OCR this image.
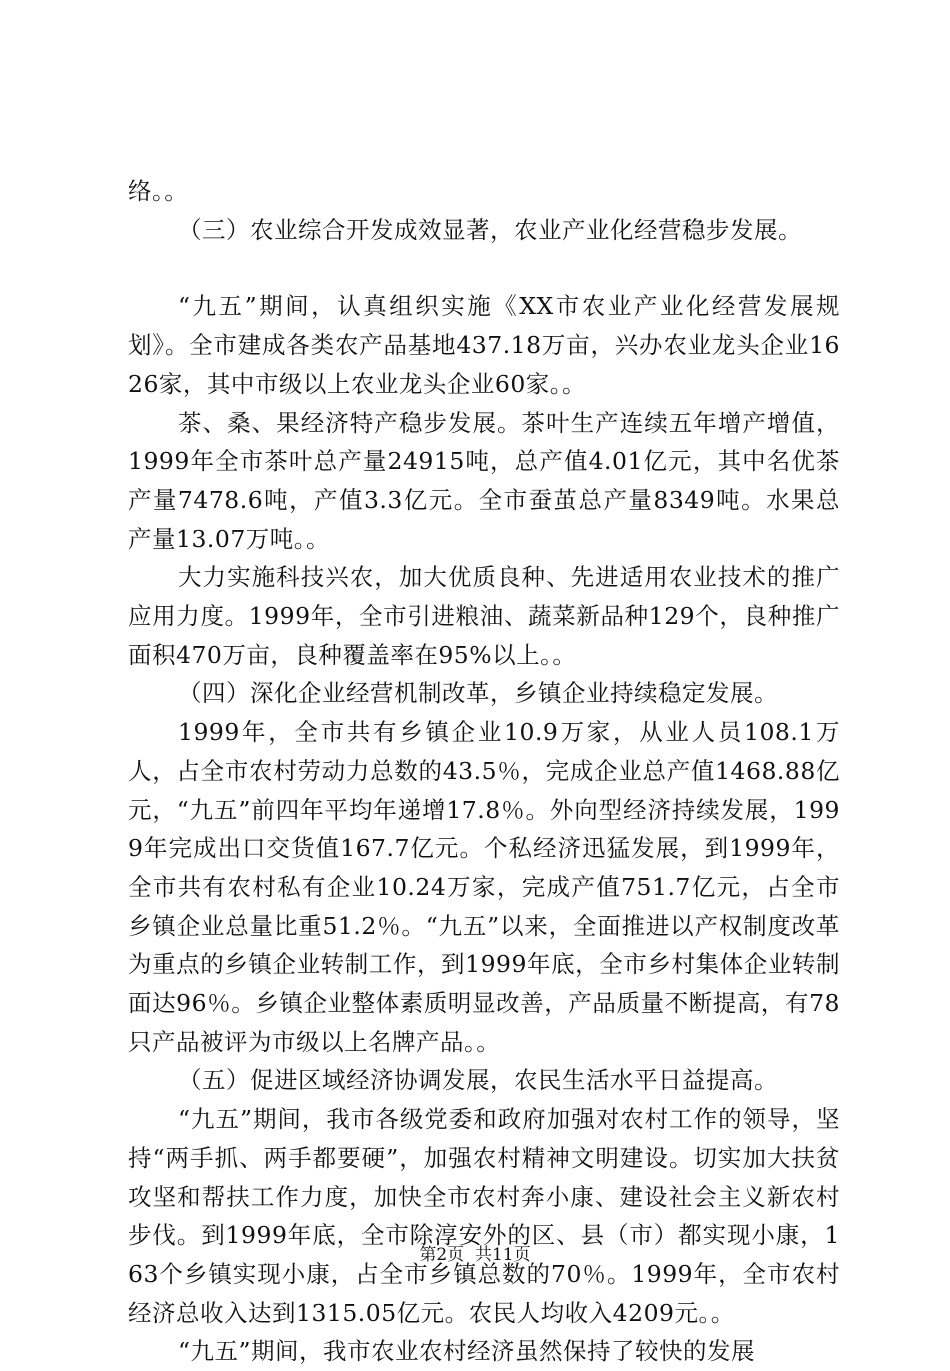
络。。

（三）农业综合开发成效显著，农业产业化经营稳步发展。

“九五”期间，认真组织实施《XX市农业产业化经营发展规划》。全市建成各类农产品基地437.18万亩，兴办农业龙头企业1626家，其中市级以上农业龙头企业60家。。

茶、桑、果经济特产稳步发展。茶叶生产连续五年增产增值，1999年全市茶叶总产量24915吨，总产值4.01亿元，其中名优茶产量7478.6吨，产值3.3亿元。全市蚕茧总产量8349吨。水果总产量13.07万吨。。

大力实施科技兴农，加大优质良种、先进适用农业技术的推广应用力度。1999年，全市引进粮油、蔬菜新品种129个，良种推广面积470万亩，良种覆盖率在95%以上。。

（四）深化企业经营机制改革，乡镇企业持续稳定发展。

1999年，全市共有乡镇企业10.9万家，从业人员108.1万人，占全市农村劳动力总数的43.5％，完成企业总产值1468.88亿元，“九五”前四年平均年递增17.8％。外向型经济持续发展，1999年完成出口交货值167.7亿元。个私经济迅猛发展，到1999年，全市共有农村私有企业10.24万家，完成产值751.7亿元，占全市乡镇企业总量比重51.2％。“九五”以来，全面推进以产权制度改革为重点的乡镇企业转制工作，到1999年底，全市乡村集体企业转制面达96％。乡镇企业整体素质明显改善，产品质量不断提高，有78只产品被评为市级以上名牌产品。。

（五）促进区域经济协调发展，农民生活水平日益提高。

“九五”期间，我市各级党委和政府加强对农村工作的领导，坚持“两手抓、两手都要硬”，加强农村精神文明建设。切实加大扶贫攻坚和帮扶工作力度，加快全市农村奔小康、建设社会主义新农村步伐。到1999年底，全市除淳安外的区、县（市）都实现小康，163个乡镇实现小康，占全市乡镇总数的70％。1999年，全市农村经济总收入达到1315.05亿元。农民人均收入4209元。。

“九五”期间，我市农业农村经济虽然保持了较快的发展

第2页  共11页
